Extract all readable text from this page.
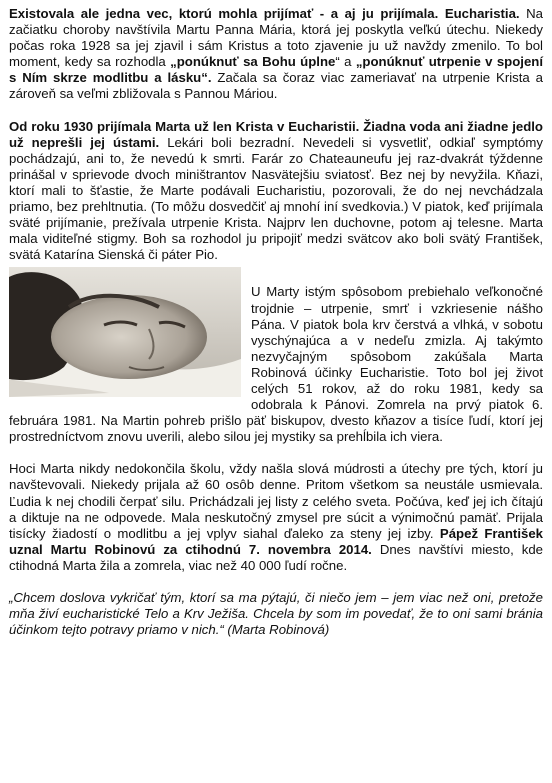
Existovala ale jedna vec, ktorú mohla prijímať - a aj ju prijímala. Eucharistia. Na začiatku choroby navštívila Martu Panna Mária, ktorá jej poskytla veľkú útechu. Niekedy počas roka 1928 sa jej zjavil i sám Kristus a toto zjavenie ju už navždy zmenilo. To bol moment, kedy sa rozhodla „ponúknuť sa Bohu úplne“ a „ponúknuť utrpenie v spojení s Ním skrze modlitbu a lásku“. Začala sa čoraz viac zameriavať na utrpenie Krista a zároveň sa veľmi zbližovala s Pannou Máriou.

Od roku 1930 prijímala Marta už len Krista v Eucharistii. Žiadna voda ani žiadne jedlo už neprešli jej ústami. Lekári boli bezradní. Nevedeli si vysvetliť, odkiaľ symptómy pochádzajú, ani to, že nevedú k smrti. Farár zo Chateauneufu jej raz-dvakrát týždenne prinášal v sprievode dvoch miništrantov Nasvätejšiu sviatosť. Bez nej by nevyžila. Kňazi, ktorí mali to šťastie, že Marte podávali Eucharistiu, pozorovali, že do nej nevchádzala priamo, bez prehltnutia. (To môžu dosvedčiť aj mnohí iní svedkovia.) V piatok, keď prijímala sväté prijímanie, prežívala utrpenie Krista. Najprv len duchovne, potom aj telesne. Marta mala viditeľné stigmy. Boh sa rozhodol ju pripojiť medzi svätcov ako boli svätý František, svätá Katarína Sienská či páter Pio.

U Marty istým spôsobom prebiehalo veľkonočné trojdnie – utrpenie, smrť i vzkriesenie nášho Pána. V piatok bola krv čerstvá a vlhká, v sobotu vyschýnajúca a v nedeľu zmizla. Aj takýmto nezvyčajným spôsobom zakúšala Marta Robinová účinky Eucharistie. Toto bol jej život celých 51 rokov, až do roku 1981, kedy sa odobrala k Pánovi. Zomrela na prvý piatok 6. februára 1981. Na Martin pohreb prišlo päť biskupov, dvesto kňazov a tisíce ľudí, ktorí jej prostredníctvom znovu uverili, alebo silou jej mystiky sa prehĺbila ich viera.

Hoci Marta nikdy nedokončila školu, vždy našla slová múdrosti a útechy pre tých, ktorí ju navštevovali. Niekedy prijala až 60 osôb denne. Pritom všetkom sa neustále usmievala. Ľudia k nej chodili čerpať silu. Prichádzali jej listy z celého sveta. Počúva, keď jej ich čítajú a diktuje na ne odpovede. Mala neskutočný zmysel pre súcit a výnimočnú pamäť. Prijala tisícky žiadostí o modlitbu a jej vplyv siahal ďaleko za steny jej izby. Pápež František uznal Martu Robinovú za ctihodnú 7. novembra 2014. Dnes navštívi miesto, kde ctihodná Marta žila a zomrela, viac než 40 000 ľudí ročne.

„Chcem doslova vykričať tým, ktorí sa ma pýtajú, či niečo jem – jem viac než oni, pretože mňa živí eucharistické Telo a Krv Ježiša. Chcela by som im povedať, že to oni sami bránia účinkom tejto potravy priamo v nich.“ (Marta Robinová)
